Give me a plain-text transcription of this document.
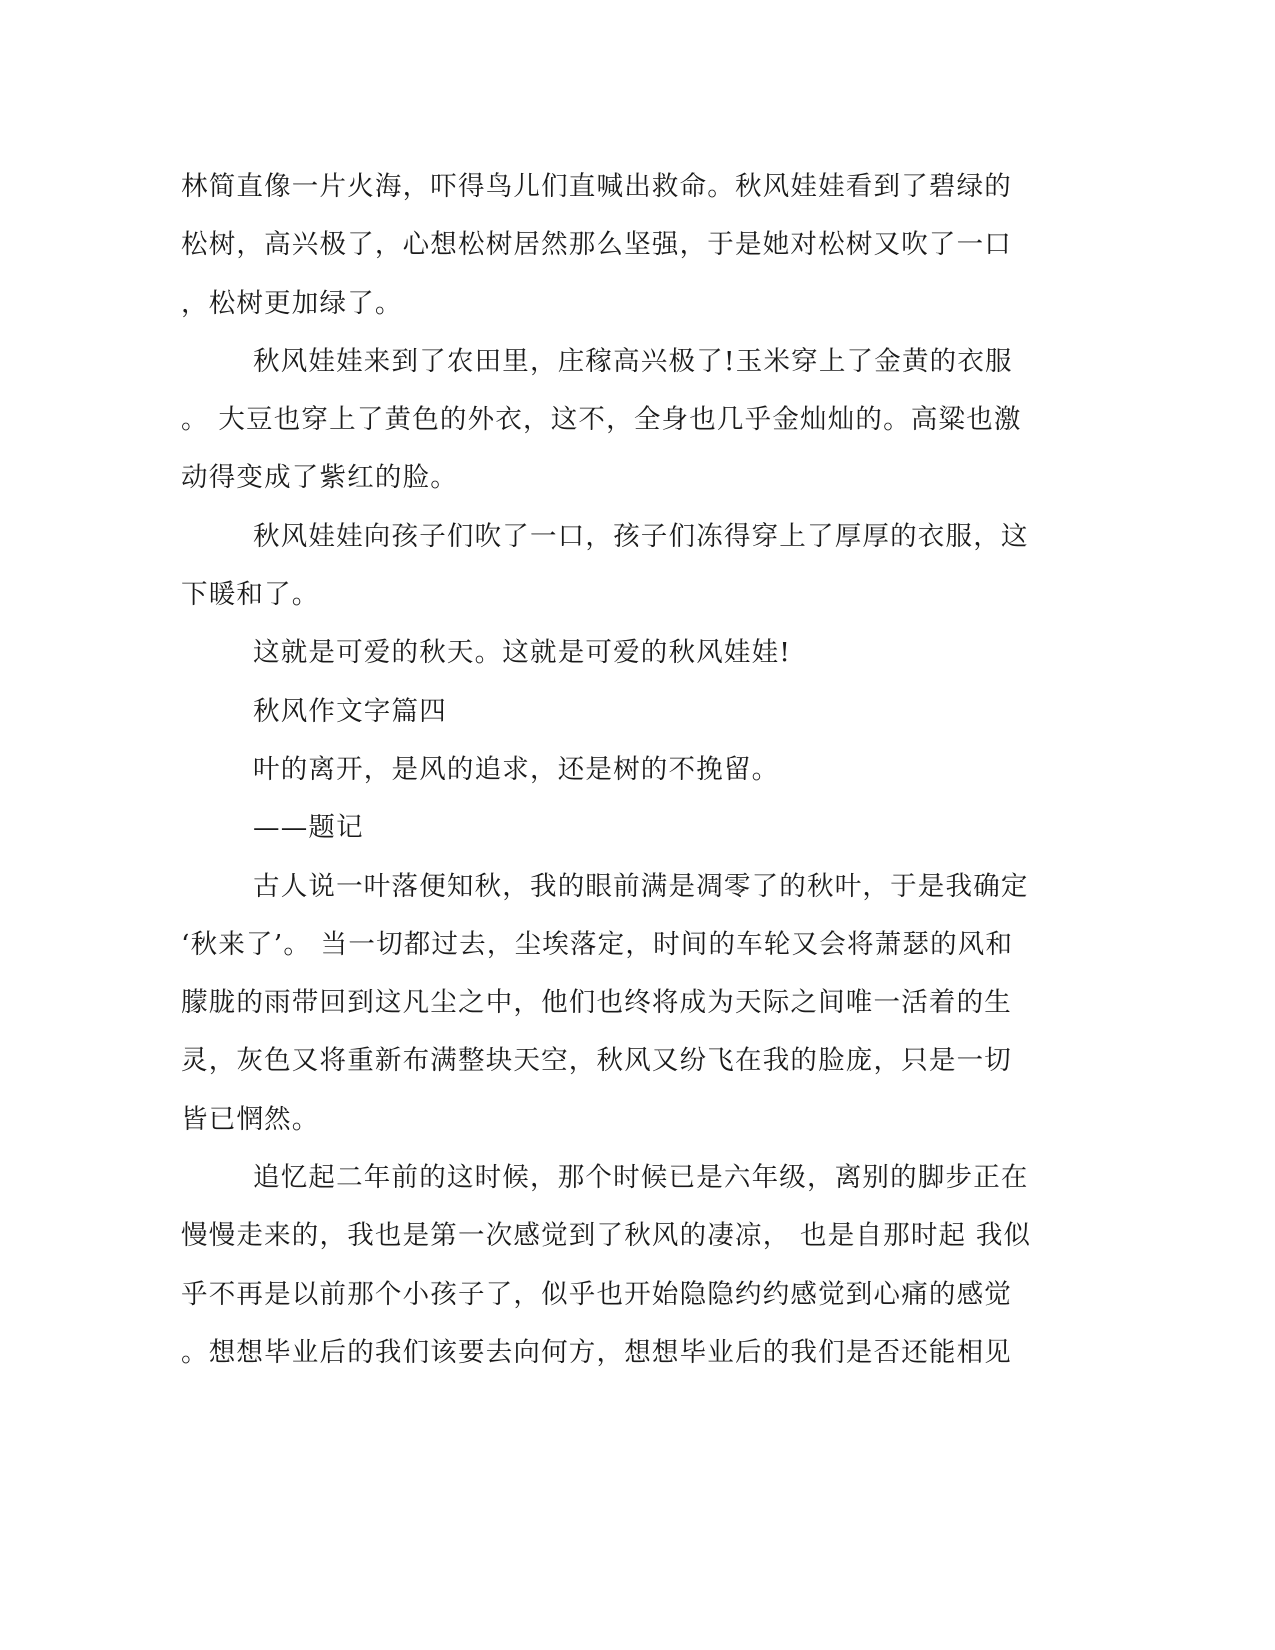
林简直像一片火海，吓得鸟儿们直喊出救命。秋风娃娃看到了碧绿的
松树，高兴极了，心想松树居然那么坚强，于是她对松树又吹了一口
，松树更加绿了。
秋风娃娃来到了农田里，庄稼高兴极了!玉米穿上了金黄的衣服
。 大豆也穿上了黄色的外衣，这不，全身也几乎金灿灿的。高粱也激
动得变成了紫红的脸。
秋风娃娃向孩子们吹了一口，孩子们冻得穿上了厚厚的衣服，这
下暖和了。
这就是可爱的秋天。这就是可爱的秋风娃娃!
秋风作文字篇四
叶的离开，是风的追求，还是树的不挽留。
——题记
古人说一叶落便知秋，我的眼前满是凋零了的秋叶，于是我确定
‘秋来了’。 当一切都过去，尘埃落定，时间的车轮又会将萧瑟的风和
朦胧的雨带回到这凡尘之中，他们也终将成为天际之间唯一活着的生
灵，灰色又将重新布满整块天空，秋风又纷飞在我的脸庞，只是一切
皆已惘然。
追忆起二年前的这时候，那个时候已是六年级，离别的脚步正在
慢慢走来的，我也是第一次感觉到了秋风的凄凉， 也是自那时起 我似
乎不再是以前那个小孩子了，似乎也开始隐隐约约感觉到心痛的感觉
。想想毕业后的我们该要去向何方，想想毕业后的我们是否还能相见
